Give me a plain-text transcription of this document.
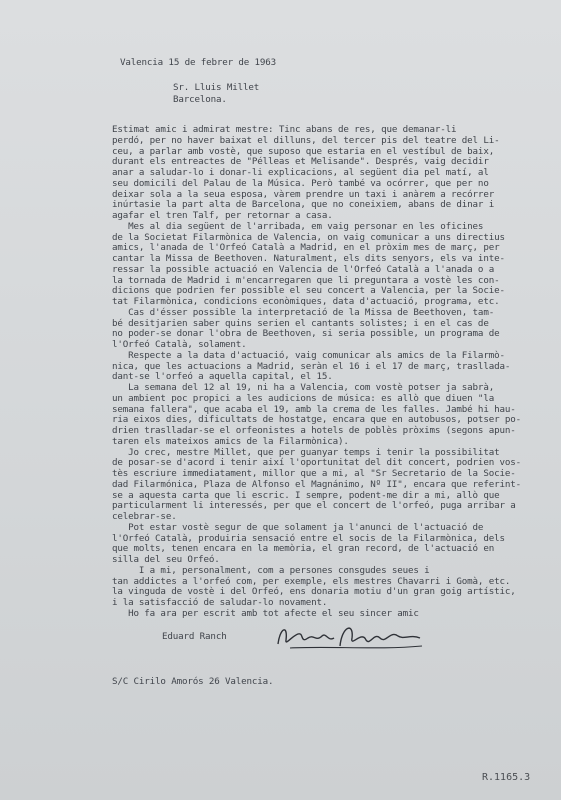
Valencia 15 de febrer de 1963
Sr. Lluis Millet
Barcelona.
Estimat amic i admirat mestre: Tinc abans de res, que demanar-li
perdó, per no haver baixat el dilluns, del tercer pis del teatre del Li-
ceu, a parlar amb vostè, que suposo que estaria en el vestíbul de baix,
durant els entreactes de "Pélleas et Melisande". Després, vaig decidir
anar a saludar-lo i donar-li explicacions, al següent dia pel matí, al
seu domicili del Palau de la Música. Però també va ocórrer, que per no
deixar sola a la seua esposa, vàrem prendre un taxi i anàrem a recórrer
inúrtasie la part alta de Barcelona, que no coneixiem, abans de dinar i
agafar el tren Talf, per retornar a casa.
Mes al dia següent de l'arribada, em vaig personar en les oficines
de la Societat Filarmònica de Valencia, on vaig comunicar a uns directius
amics, l'anada de l'Orfeó Català a Madrid, en el pròxim mes de març, per
cantar la Missa de Beethoven. Naturalment, els dits senyors, els va inte-
ressar la possible actuació en Valencia de l'Orfeó Català a l'anada o a
la tornada de Madrid i m'encarregaren que li preguntara a vostè les con-
dicions que podrien fer possible el seu concert a Valencia, per la Socie-
tat Filarmònica, condicions econòmiques, data d'actuació, programa, etc.
Cas d'ésser possible la interpretació de la Missa de Beethoven, tam-
bé desitjarien saber quins serien el cantants solistes; i en el cas de
no poder-se donar l'obra de Beethoven, si seria possible, un programa de
l'Orfeó Català, solament.
Respecte a la data d'actuació, vaig comunicar als amics de la Filarmò-
nica, que les actuacions a Madrid, seràn el 16 i el 17 de març, trasllada-
dant-se l'orfeó a aquella capital, el 15.
La semana del 12 al 19, ni ha a Valencia, com vostè potser ja sabrà,
un ambient poc propici a les audicions de música: es allò que diuen "la
semana fallera", que acaba el 19, amb la crema de les falles. Jambé hi hau-
ria eixos dies, dificultats de hostatge, encara que en autobusos, potser po-
drien traslladar-se el orfeonistes a hotels de poblès pròxims (segons apun-
taren els mateixos amics de la Filarmònica).
Jo crec, mestre Millet, que per guanyar temps i tenir la possibilitat
de posar-se d'acord i tenir així l'oportunitat del dit concert, podrien vos-
tès escriure immediatament, millor que a mi, al "Sr Secretario de la Socie-
dad Filarmónica, Plaza de Alfonso el Magnánimo, Nº II", encara que referint-
se a aquesta carta que li escric. I sempre, podent-me dir a mi, allò que
particularment li interessés, per que el concert de l'orfeó, puga arribar a
celebrar-se.
Pot estar vostè segur de que solament ja l'anunci de l'actuació de
l'Orfeó Català, produiria sensació entre el socis de la Filarmònica, dels
que molts, tenen encara en la memòria, el gran record, de l'actuació en
silla del seu Orfeó.
I a mi, personalment, com a persones consgudes seues i
tan addictes a l'orfeó com, per exemple, els mestres Chavarri i Gomà, etc.
la vinguda de vostè i del Orfeó, ens donaria motiu d'un gran goig artístic,
i la satisfacció de saludar-lo novament.
Ho fa ara per escrit amb tot afecte el seu sincer amic
Eduard Ranch
S/C Cirilo Amorós 26 Valencia.
R.1165.3
